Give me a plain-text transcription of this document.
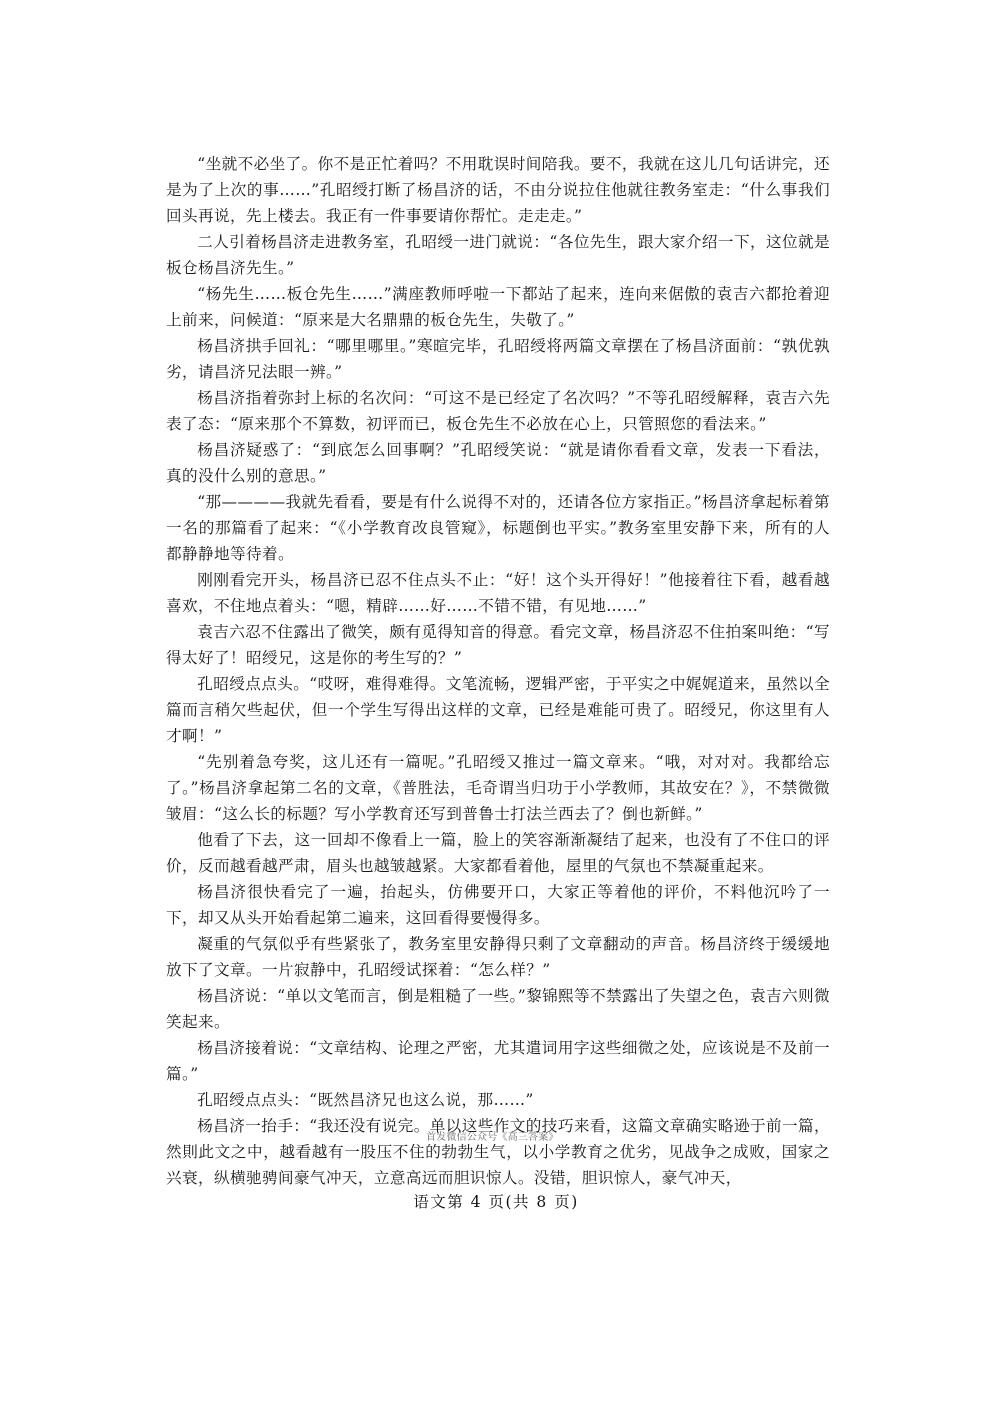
“坐就不必坐了。你不是正忙着吗？不用耽误时间陪我。要不，我就在这儿几句话讲完，还是为了上次的事……”孔昭绶打断了杨昌济的话，不由分说拉住他就往教务室走：“什么事我们回头再说，先上楼去。我正有一件事要请你帮忙。走走走。”

二人引着杨昌济走进教务室，孔昭绶一进门就说：“各位先生，跟大家介绍一下，这位就是板仓杨昌济先生。”

“杨先生……板仓先生……”满座教师呼啦一下都站了起来，连向来倨傲的袁吉六都抢着迎上前来，问候道：“原来是大名鼎鼎的板仓先生，失敬了。”

杨昌济拱手回礼：“哪里哪里。”寒暄完毕，孔昭绶将两篇文章摆在了杨昌济面前：“孰优孰劣，请昌济兄法眼一辨。”

杨昌济指着弥封上标的名次问：“可这不是已经定了名次吗？”不等孔昭绶解释，袁吉六先表了态：“原来那个不算数，初评而已，板仓先生不必放在心上，只管照您的看法来。”

杨昌济疑惑了：“到底怎么回事啊？”孔昭绶笑说：“就是请你看看文章，发表一下看法，真的没什么别的意思。”

“那————我就先看看，要是有什么说得不对的，还请各位方家指正。”杨昌济拿起标着第一名的那篇看了起来：“《小学教育改良管窥》，标题倒也平实。”教务室里安静下来，所有的人都静静地等待着。

刚刚看完开头，杨昌济已忍不住点头不止：“好！这个头开得好！”他接着往下看，越看越喜欢，不住地点着头：“嗯，精辟……好……不错不错，有见地……”

袁吉六忍不住露出了微笑，颇有觅得知音的得意。看完文章，杨昌济忍不住拍案叫绝：“写得太好了！昭绶兄，这是你的考生写的？”

孔昭绶点点头。“哎呀，难得难得。文笔流畅，逻辑严密，于平实之中娓娓道来，虽然以全篇而言稍欠些起伏，但一个学生写得出这样的文章，已经是难能可贵了。昭绶兄，你这里有人才啊！”

“先别着急夸奖，这儿还有一篇呢。”孔昭绶又推过一篇文章来。“哦，对对对。我都给忘了。”杨昌济拿起第二名的文章，《普胜法，毛奇谓当归功于小学教师，其故安在？》，不禁微微皱眉：“这么长的标题？写小学教育还写到普鲁士打法兰西去了？倒也新鲜。”

他看了下去，这一回却不像看上一篇，脸上的笑容渐渐凝结了起来，也没有了不住口的评价，反而越看越严肃，眉头也越皱越紧。大家都看着他，屋里的气氛也不禁凝重起来。

杨昌济很快看完了一遍，抬起头，仿佛要开口，大家正等着他的评价，不料他沉吟了一下，却又从头开始看起第二遍来，这回看得要慢得多。

凝重的气氛似乎有些紧张了，教务室里安静得只剩了文章翻动的声音。杨昌济终于缓缓地放下了文章。一片寂静中，孔昭绶试探着：“怎么样？”

杨昌济说：“单以文笔而言，倒是粗糙了一些。”黎锦熙等不禁露出了失望之色，袁吉六则微笑起来。

杨昌济接着说：“文章结构、论理之严密，尤其遣词用字这些细微之处，应该说是不及前一篇。”

孔昭绶点点头：“既然昌济兄也这么说，那……”

杨昌济一抬手：“我还没有说完。单以这些作文的技巧来看，这篇文章确实略逊于前一篇，然則此文之中，越看越有一股压不住的勃勃生气，以小学教育之优劣，见战争之成败，国家之兴衰，纵横驰骋间豪气冲天，立意高远而胆识惊人。没错，胆识惊人，豪气冲天，

首发微信公众号《高三答案》
语文第 4 页(共 8 页)
